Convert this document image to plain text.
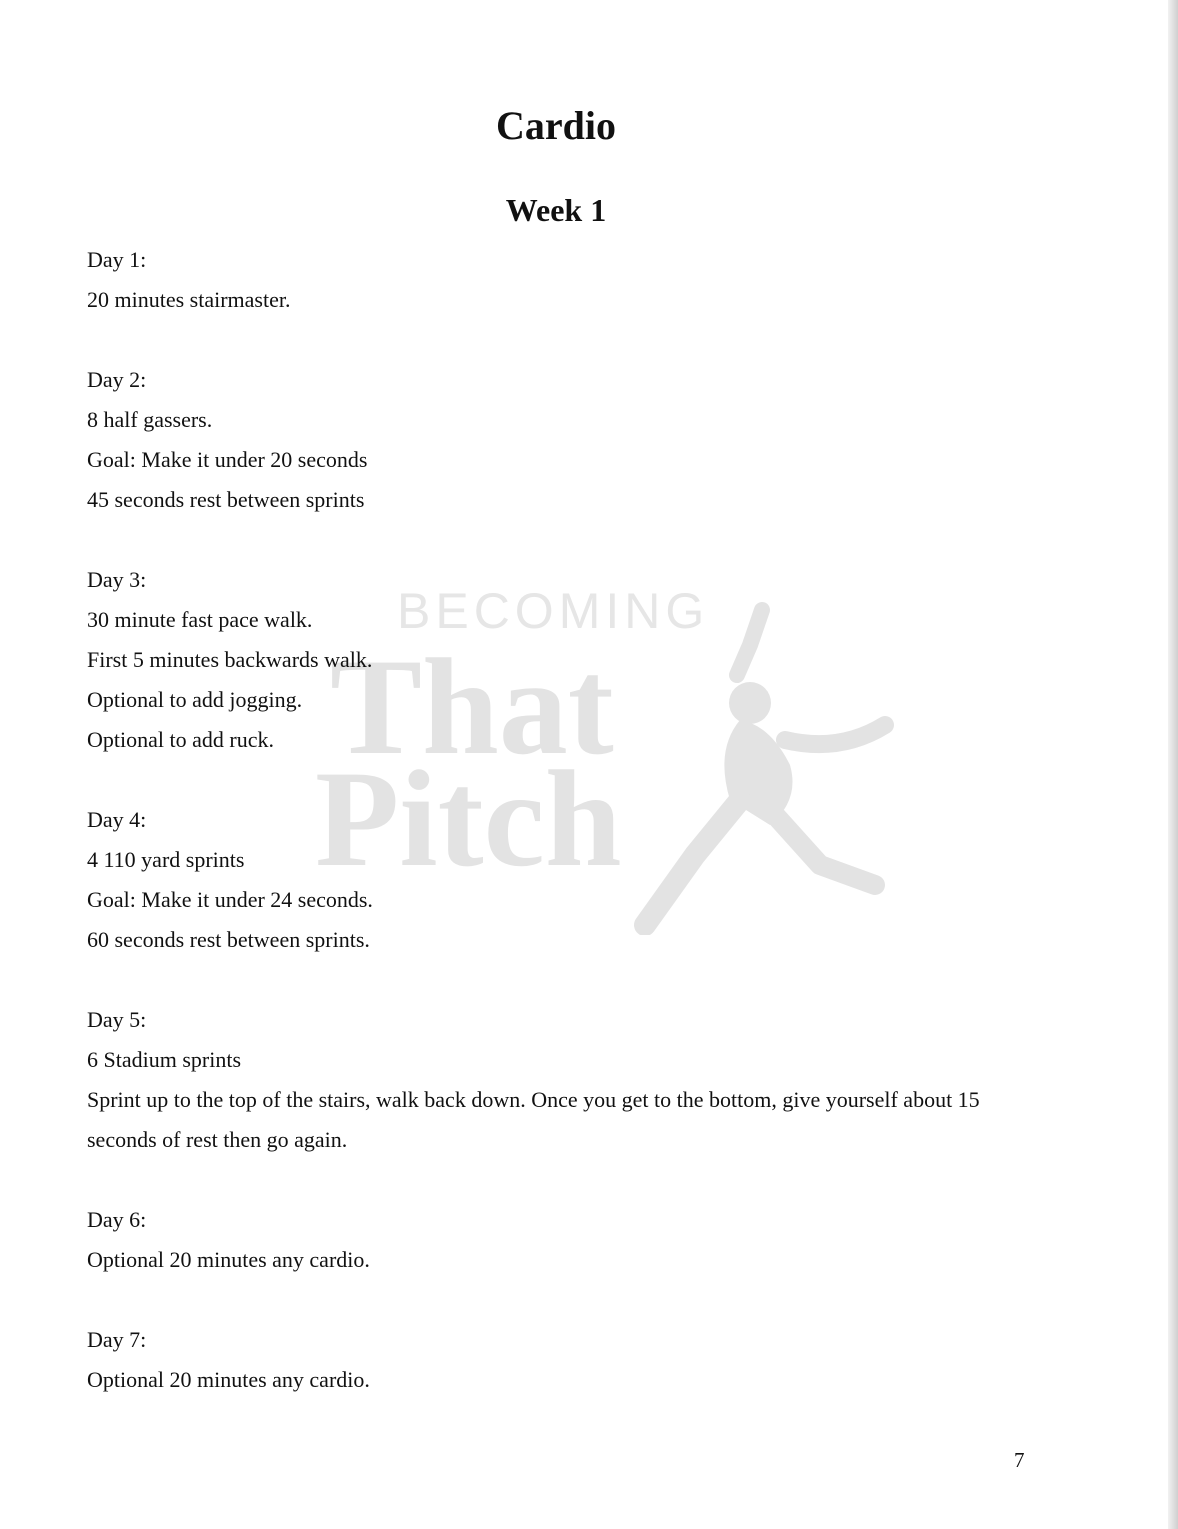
BECOMING
That
Pitch
Cardio
Week 1

Day 1:

20 minutes stairmaster.

Day 2:

8 half gassers.

Goal: Make it under 20 seconds

45 seconds rest between sprints

Day 3:

30 minute fast pace walk.

First 5 minutes backwards walk.

Optional to add jogging.

Optional to add ruck.

Day 4:

4 110 yard sprints

Goal: Make it under 24 seconds.

60 seconds rest between sprints.

Day 5:

6 Stadium sprints

Sprint up to the top of the stairs, walk back down. Once you get to the bottom, give yourself about 15 seconds of rest then go again.

Day 6:

Optional 20 minutes any cardio.

Day 7:

Optional 20 minutes any cardio.

7
